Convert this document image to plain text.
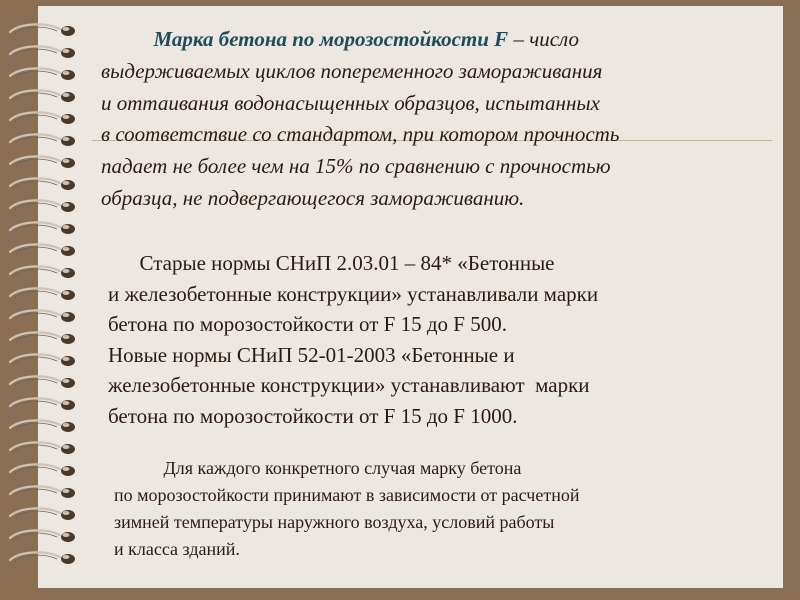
Марка бетона по морозостойкости F – число
выдерживаемых циклов попеременного замораживания
и оттаивания водонасыщенных образцов, испытанных
в соответствие со стандартом, при котором прочность
падает не более чем на 15% по сравнению с прочностью
образца, не подвергающегося замораживанию.
Старые нормы СНиП 2.03.01 – 84* «Бетонные
и железобетонные конструкции» устанавливали марки
бетона по морозостойкости от F 15 до F 500.
Новые нормы СНиП 52-01-2003 «Бетонные и
железобетонные конструкции» устанавливают  марки
бетона по морозостойкости от F 15 до F 1000.
Для каждого конкретного случая марку бетона
по морозостойкости принимают в зависимости от расчетной
зимней температуры наружного воздуха, условий работы
и класса зданий.
